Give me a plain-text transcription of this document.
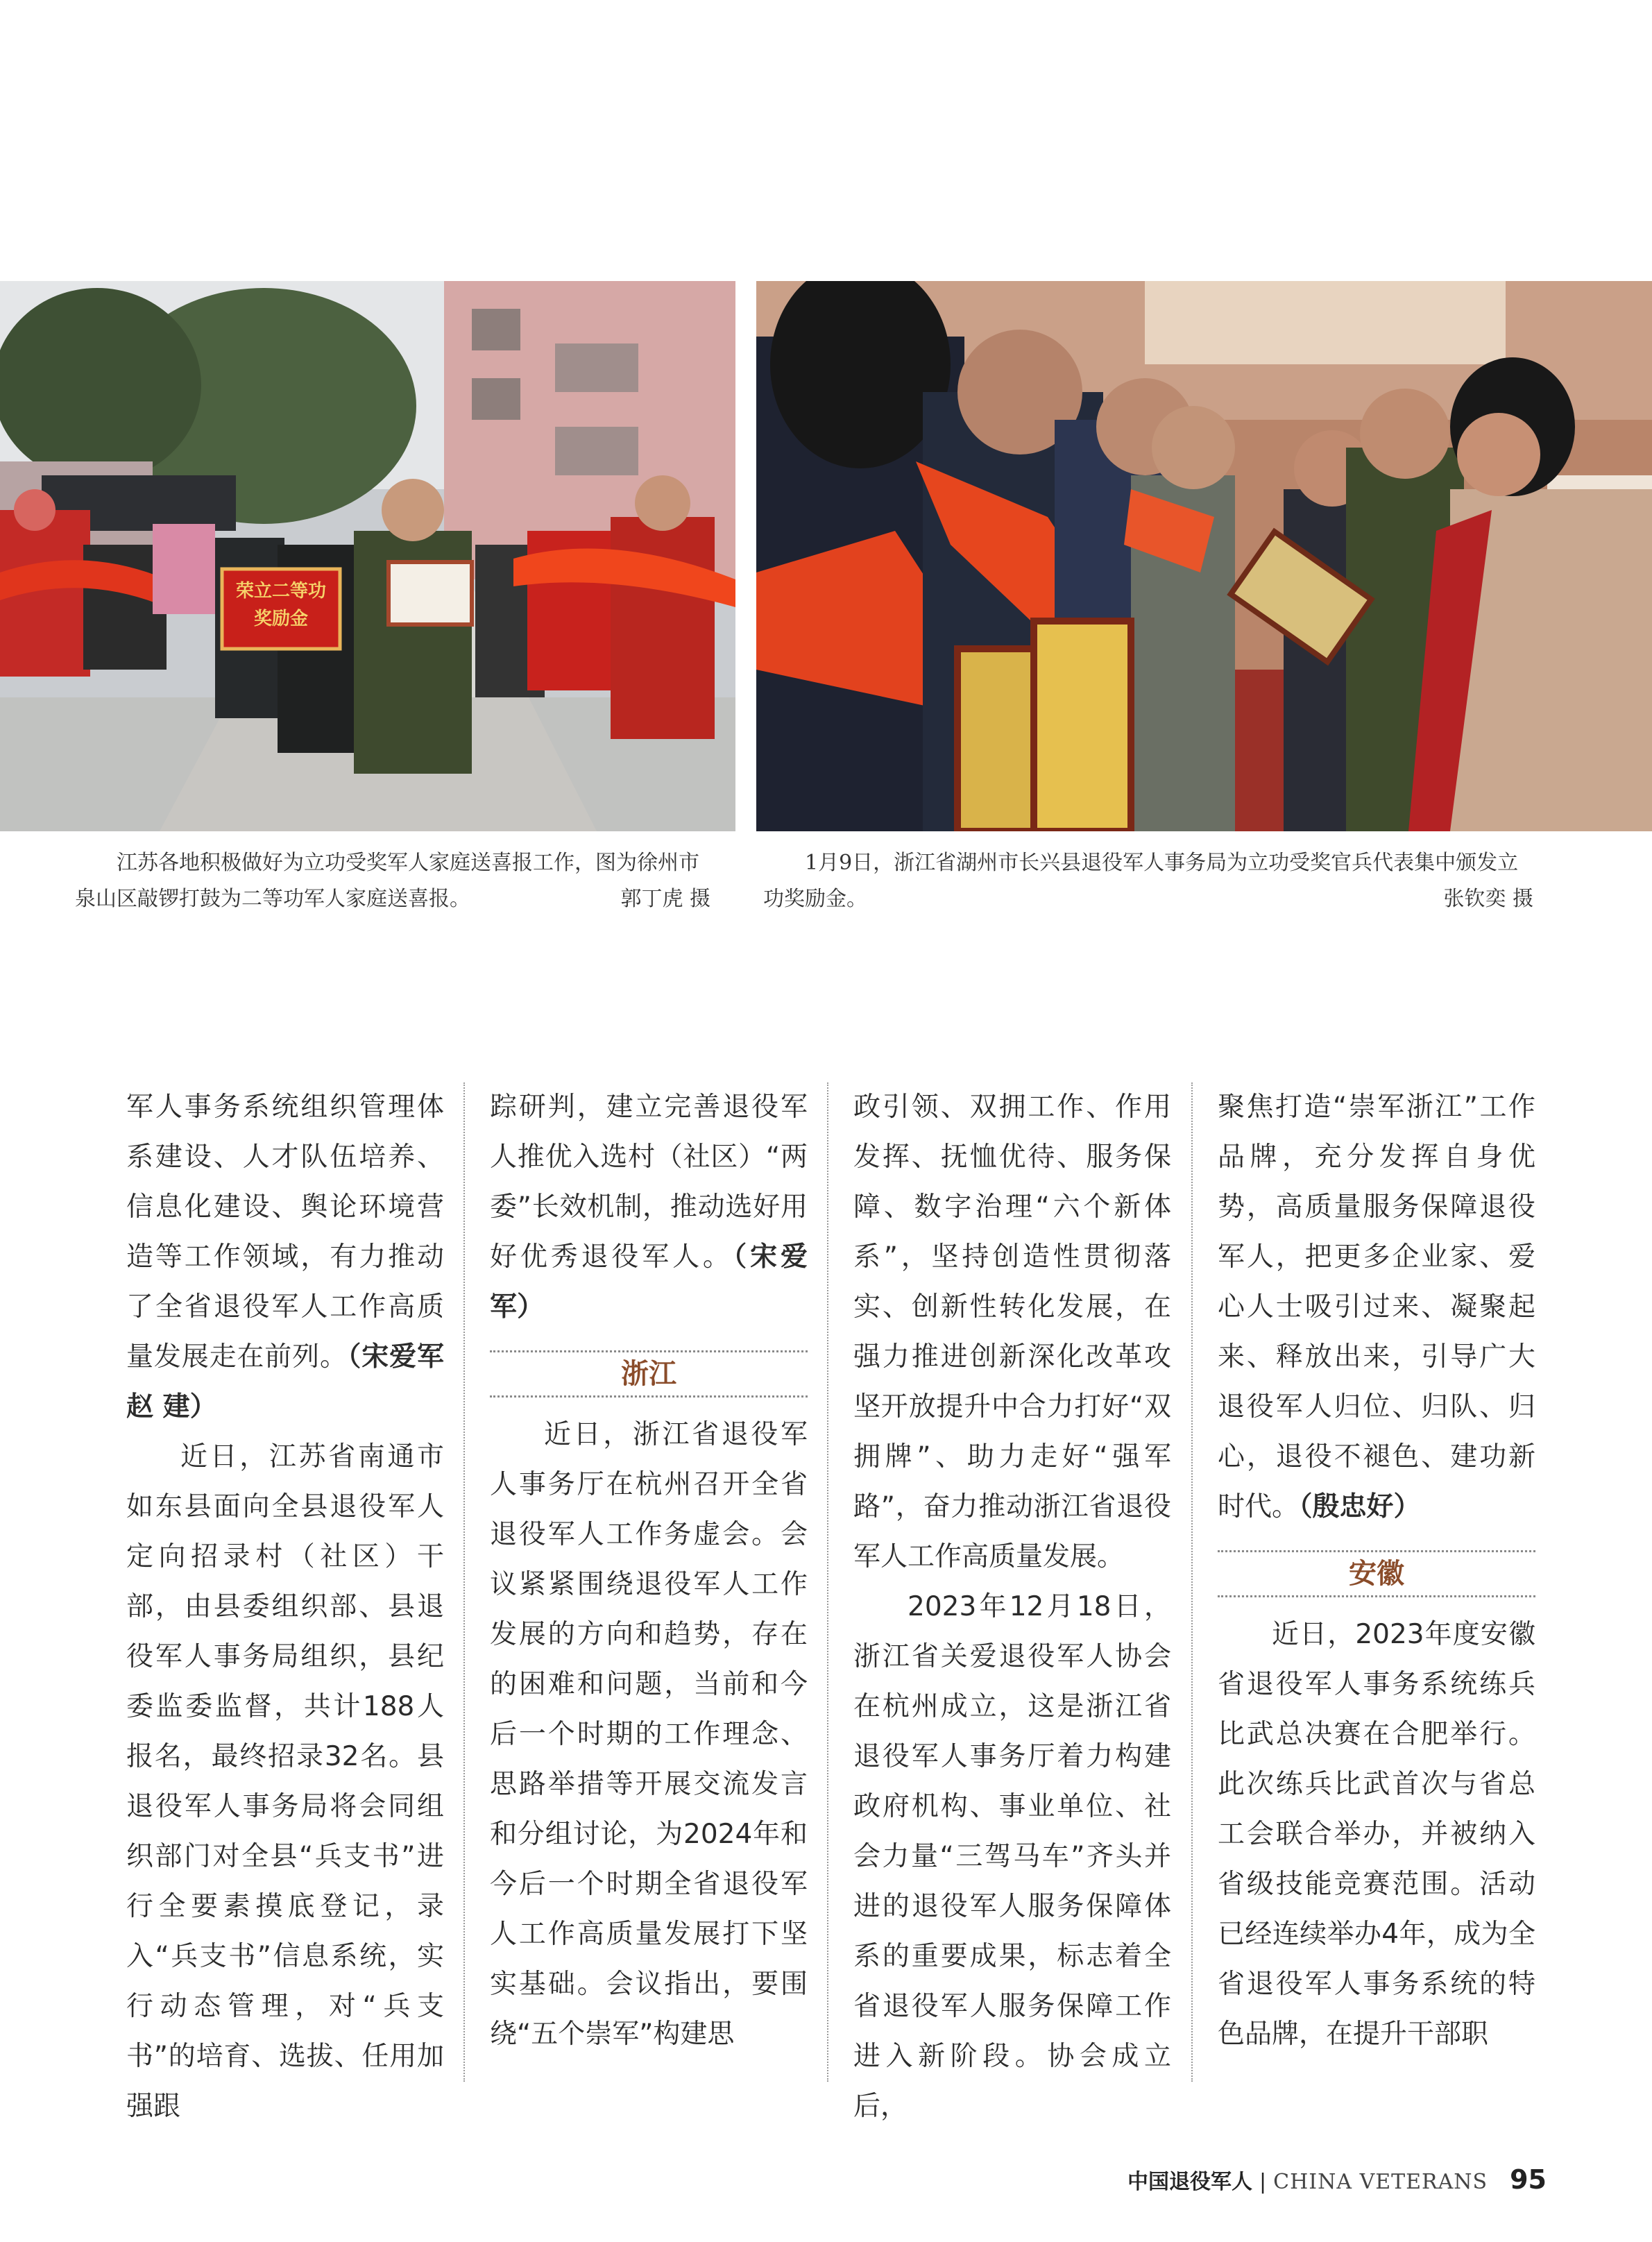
荣立二等功
奖励金

江苏各地积极做好为立功受奖军人家庭送喜报工作，图为徐州市泉山区敲锣打鼓为二等功军人家庭送喜报。	郭丁虎 摄

1月9日，浙江省湖州市长兴县退役军人事务局为立功受奖官兵代表集中颁发立功奖励金。	张钦奕 摄

军人事务系统组织管理体系建设、人才队伍培养、信息化建设、舆论环境营造等工作领域，有力推动了全省退役军人工作高质量发展走在前列。（宋爱军 赵 建）

近日，江苏省南通市如东县面向全县退役军人定向招录村（社区）干部，由县委组织部、县退役军人事务局组织，县纪委监委监督，共计188人报名，最终招录32名。县退役军人事务局将会同组织部门对全县“兵支书”进行全要素摸底登记，录入“兵支书”信息系统，实行动态管理，对“兵支书”的培育、选拔、任用加强跟

踪研判，建立完善退役军人推优入选村（社区）“两委”长效机制，推动选好用好优秀退役军人。（宋爱军）

浙江

近日，浙江省退役军人事务厅在杭州召开全省退役军人工作务虚会。会议紧紧围绕退役军人工作发展的方向和趋势，存在的困难和问题，当前和今后一个时期的工作理念、思路举措等开展交流发言和分组讨论，为2024年和今后一个时期全省退役军人工作高质量发展打下坚实基础。会议指出，要围绕“五个崇军”构建思

政引领、双拥工作、作用发挥、抚恤优待、服务保障、数字治理“六个新体系”，坚持创造性贯彻落实、创新性转化发展，在强力推进创新深化改革攻坚开放提升中合力打好“双拥牌”、助力走好“强军路”，奋力推动浙江省退役军人工作高质量发展。

2023年12月18日，浙江省关爱退役军人协会在杭州成立，这是浙江省退役军人事务厅着力构建政府机构、事业单位、社会力量“三驾马车”齐头并进的退役军人服务保障体系的重要成果，标志着全省退役军人服务保障工作进入新阶段。协会成立后，

聚焦打造“崇军浙江”工作品牌，充分发挥自身优势，高质量服务保障退役军人，把更多企业家、爱心人士吸引过来、凝聚起来、释放出来，引导广大退役军人归位、归队、归心，退役不褪色、建功新时代。（殷忠好）

安徽

近日，2023年度安徽省退役军人事务系统练兵比武总决赛在合肥举行。此次练兵比武首次与省总工会联合举办，并被纳入省级技能竞赛范围。活动已经连续举办4年，成为全省退役军人事务系统的特色品牌，在提升干部职

中国退役军人 | CHINA VETERANS 95
